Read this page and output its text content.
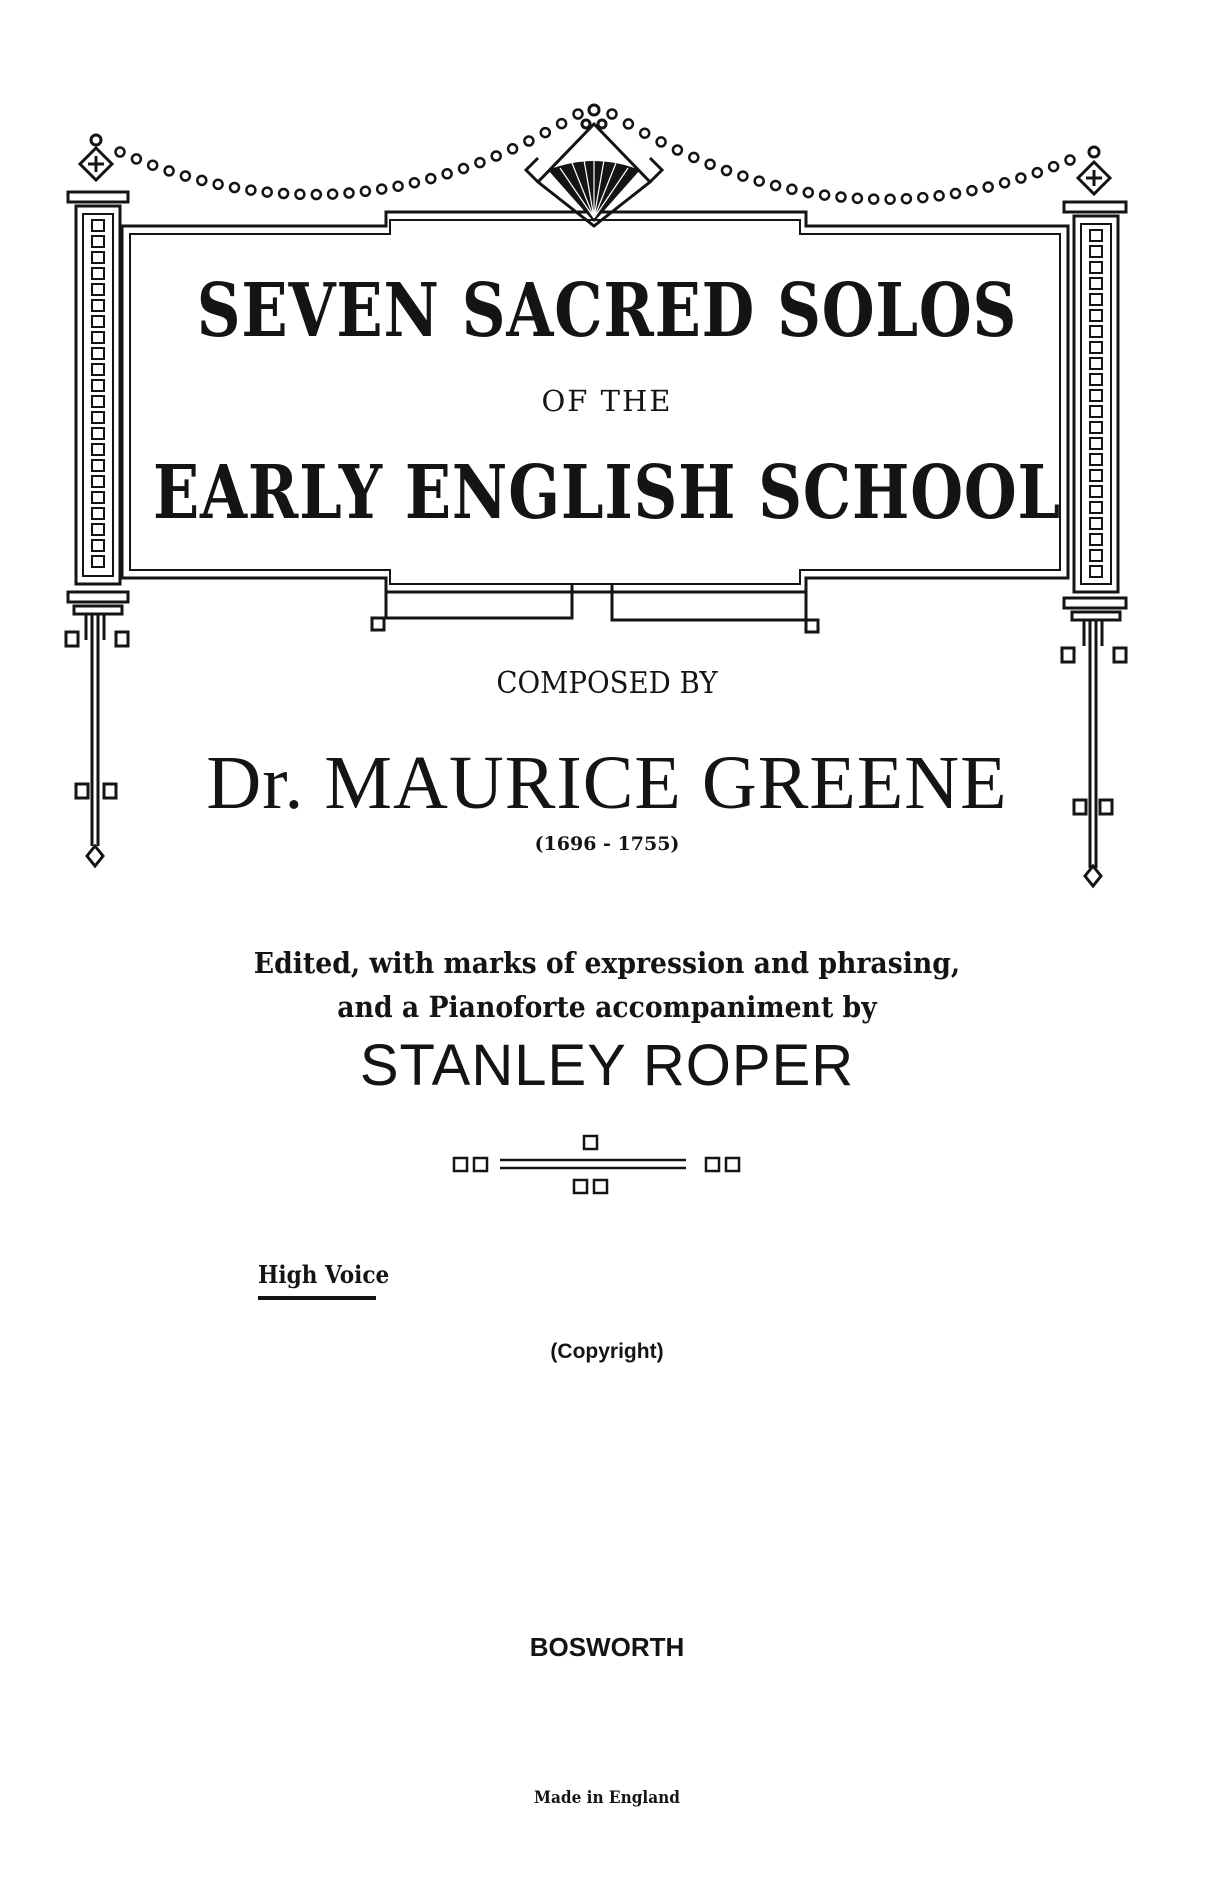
SEVEN SACRED SOLOS
OF THE
EARLY ENGLISH SCHOOL
COMPOSED BY
Dr. MAURICE GREENE
(1696 - 1755)
Edited, with marks of expression and phrasing,
and a Pianoforte accompaniment by
STANLEY ROPER
High Voice
(Copyright)
BOSWORTH
Made in England
